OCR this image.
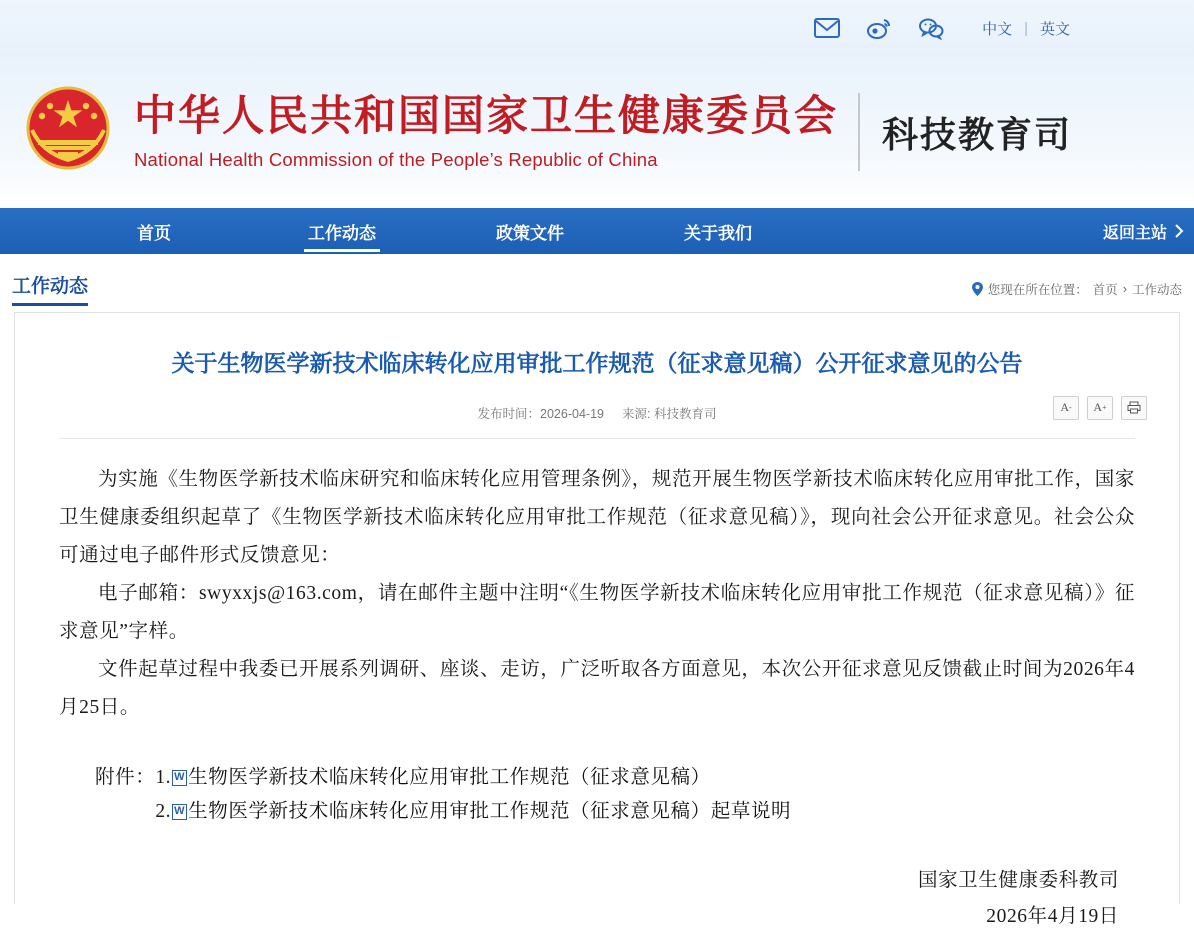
中文 | 英文
中华人民共和国国家卫生健康委员会
National Health Commission of the People’s Republic of China
科技教育司
首页	工作动态	政策文件	关于我们	返回主站
工作动态	您现在所在位置： 首页 › 工作动态
关于生物医学新技术临床转化应用审批工作规范（征求意见稿）公开征求意见的公告
发布时间：2026-04-19 来源: 科技教育司	A -	A +

为实施《生物医学新技术临床研究和临床转化应用管理条例》，规范开展生物医学新技术临床转化应用审批工作，国家卫生健康委组织起草了《生物医学新技术临床转化应用审批工作规范（征求意见稿）》，现向社会公开征求意见。社会公众可通过电子邮件形式反馈意见：

电子邮箱：swyxxjs@163.com，请在邮件主题中注明“《生物医学新技术临床转化应用审批工作规范（征求意见稿）》征求意见”字样。

文件起草过程中我委已开展系列调研、座谈、走访，广泛听取各方面意见，本次公开征求意见反馈截止时间为2026年4月25日。

附件： 1. W 生物医学新技术临床转化应用审批工作规范（征求意见稿）
2. W 生物医学新技术临床转化应用审批工作规范（征求意见稿）起草说明
国家卫生健康委科教司
2026年4月19日
